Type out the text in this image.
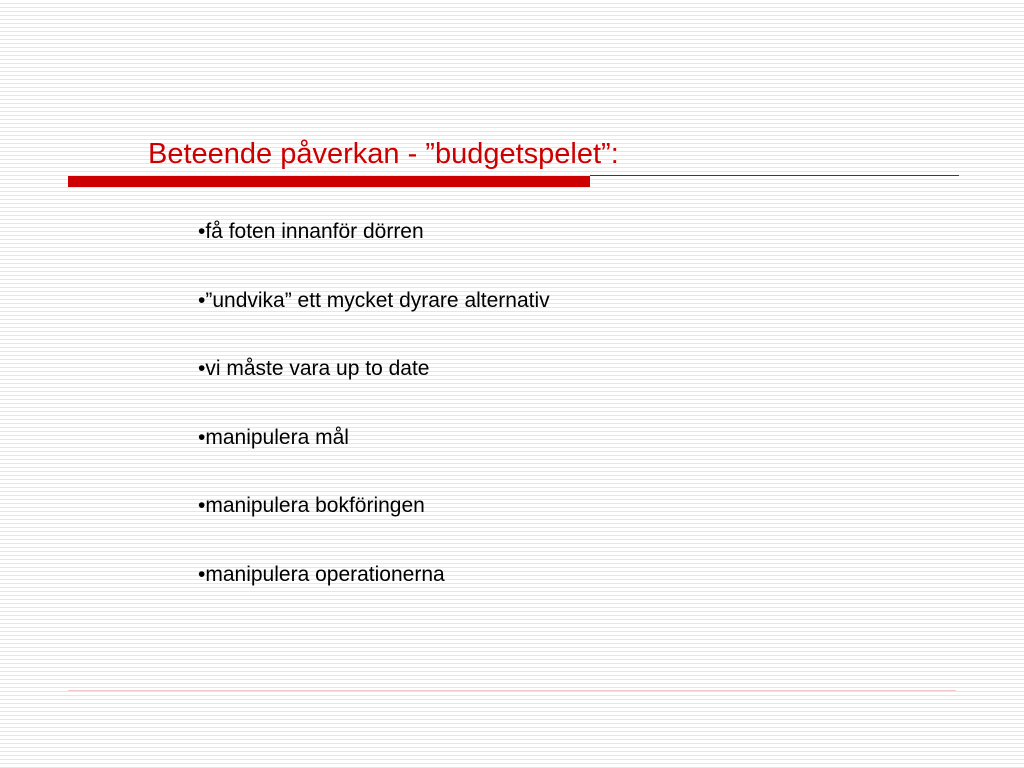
Beteende påverkan - ”budgetspelet”:
•få foten innanför dörren
•”undvika” ett mycket dyrare alternativ
•vi måste vara up to date
•manipulera mål
•manipulera bokföringen
•manipulera operationerna
